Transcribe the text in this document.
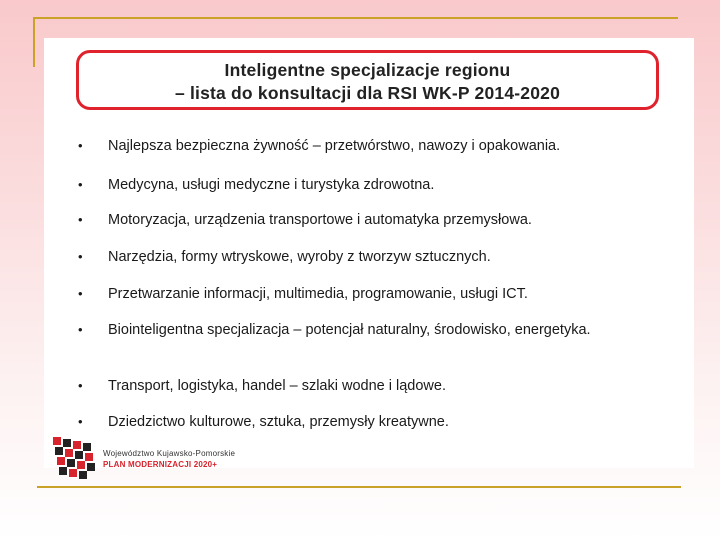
Inteligentne specjalizacje regionu
– lista do konsultacji dla RSI WK-P 2014-2020
• Najlepsza bezpieczna żywność – przetwórstwo, nawozy i opakowania.
• Medycyna, usługi medyczne i turystyka zdrowotna.
• Motoryzacja, urządzenia transportowe i automatyka przemysłowa.
• Narzędzia, formy wtryskowe, wyroby z tworzyw sztucznych.
• Przetwarzanie informacji, multimedia, programowanie, usługi ICT.
•	Biointeligentna specjalizacja – potencjał naturalny, środowisko, energetyka.
• Transport, logistyka, handel – szlaki wodne i lądowe.
• Dziedzictwo kulturowe, sztuka, przemysły kreatywne.
Województwo Kujawsko-Pomorskie
PLAN MODERNIZACJI 2020+
